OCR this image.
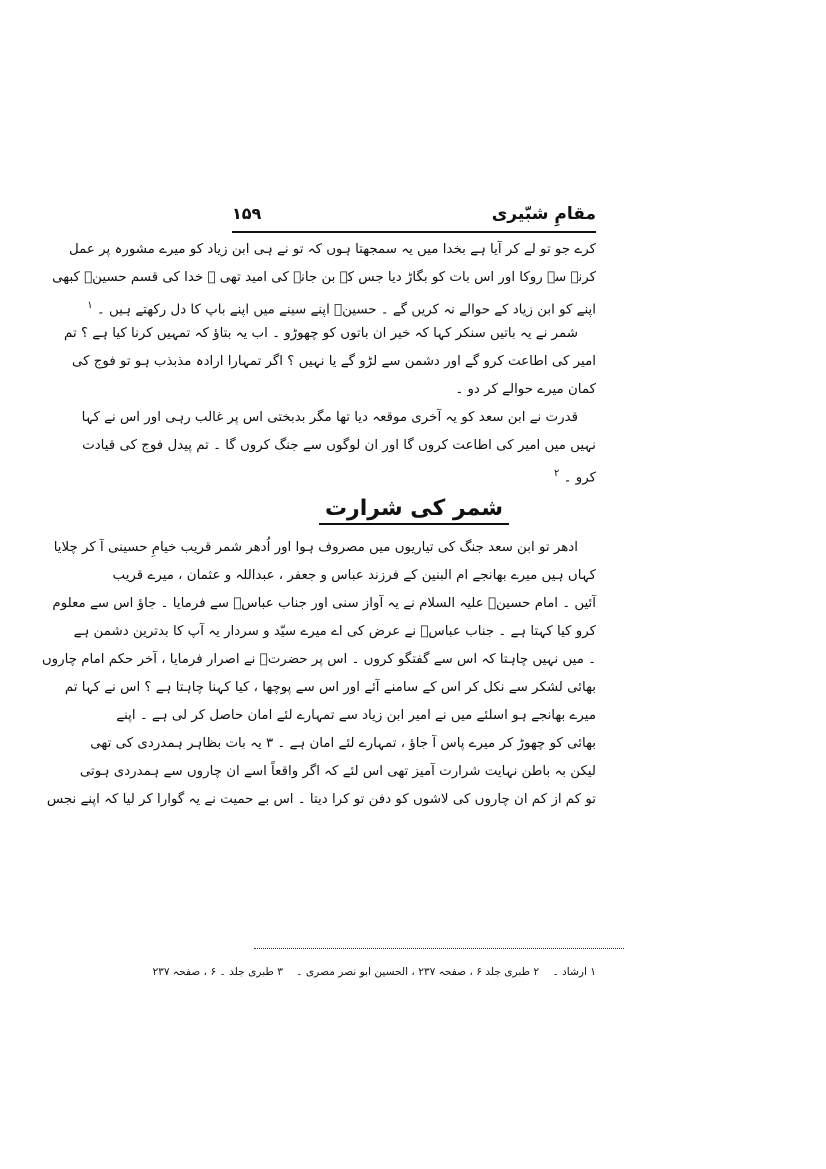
مقامِ شبّیری
۱۵۹
کرے جو تو لے کر آیا ہے بخدا میں یہ سمجھتا ہوں کہ تو نے ہی ابن زیاد کو میرے مشورہ پر عمل
کرنے سے روکا اور اس بات کو بگاڑ دیا جس کے بن جانے کی امید تھی ۔ خدا کی قسم حسینؑ کبھی
اپنے کو ابن زیاد کے حوالے نہ کریں گے ۔ حسینؑ اپنے سینے میں اپنے باپ کا دل رکھتے ہیں ۔ $^۱$
شمر نے یہ باتیں سنکر کہا کہ خیر ان باتوں کو چھوڑو ۔ اب یہ بتاؤ کہ تمہیں کرنا کیا ہے ؟ تم
امیر کی اطاعت کرو گے اور دشمن سے لڑو گے یا نہیں ؟ اگر تمہارا ارادہ مذبذب ہو تو فوج کی
کمان میرے حوالے کر دو ۔
قدرت نے ابن سعد کو یہ آخری موقعہ دیا تھا مگر بدبختی اس پر غالب رہی اور اس نے کہا
نہیں میں امیر کی اطاعت کروں گا اور ان لوگوں سے جنگ کروں گا ۔ تم پیدل فوج کی قیادت
کرو ۔ $^۲$
شمر کی شرارت
ادھر تو ابن سعد جنگ کی تیاریوں میں مصروف ہوا اور اُدھر شمر قریب خیامِ حسینی آ کر چلایا
کہاں ہیں میرے بھانجے ام البنین کے فرزند عباس و جعفر ، عبداللہ و عثمان ، میرے قریب
آئیں ۔ امام حسینؑ علیہ السلام نے یہ آواز سنی اور جناب عباسؑ سے فرمایا ۔ جاؤ اس سے معلوم
کرو کیا کہتا ہے ۔ جناب عباسؑ نے عرض کی اے میرے سیّد و سردار یہ آپ کا بدترین دشمن ہے
۔ میں نہیں چاہتا کہ اس سے گفتگو کروں ۔ اس پر حضرتؑ نے اصرار فرمایا ، آخر حکم امام چاروں
بھائی لشکر سے نکل کر اس کے سامنے آئے اور اس سے پوچھا ، کیا کہنا چاہتا ہے ؟ اس نے کہا تم
میرے بھانجے ہو اسلئے میں نے امیر ابن زیاد سے تمہارے لئے امان حاصل کر لی ہے ۔ اپنے
بھائی کو چھوڑ کر میرے پاس آ جاؤ ، تمہارے لئے امان ہے ۔ ۳ یہ بات بظاہر ہمدردی کی تھی
لیکن بہ باطن نہایت شرارت آمیز تھی اس لئے کہ اگر واقعاً اسے ان چاروں سے ہمدردی ہوتی
تو کم از کم ان چاروں کی لاشوں کو دفن تو کرا دیتا ۔ اس بے حمیت نے یہ گوارا کر لیا کہ اپنے نجس
۱ ارشاد ۔ ۲ طبری جلد ۶ ، صفحہ ۲۳۷ ، الحسین ابو نصر مصری ۔ ۳ طبری جلد ۔ ۶ ، صفحہ ۲۳۷
